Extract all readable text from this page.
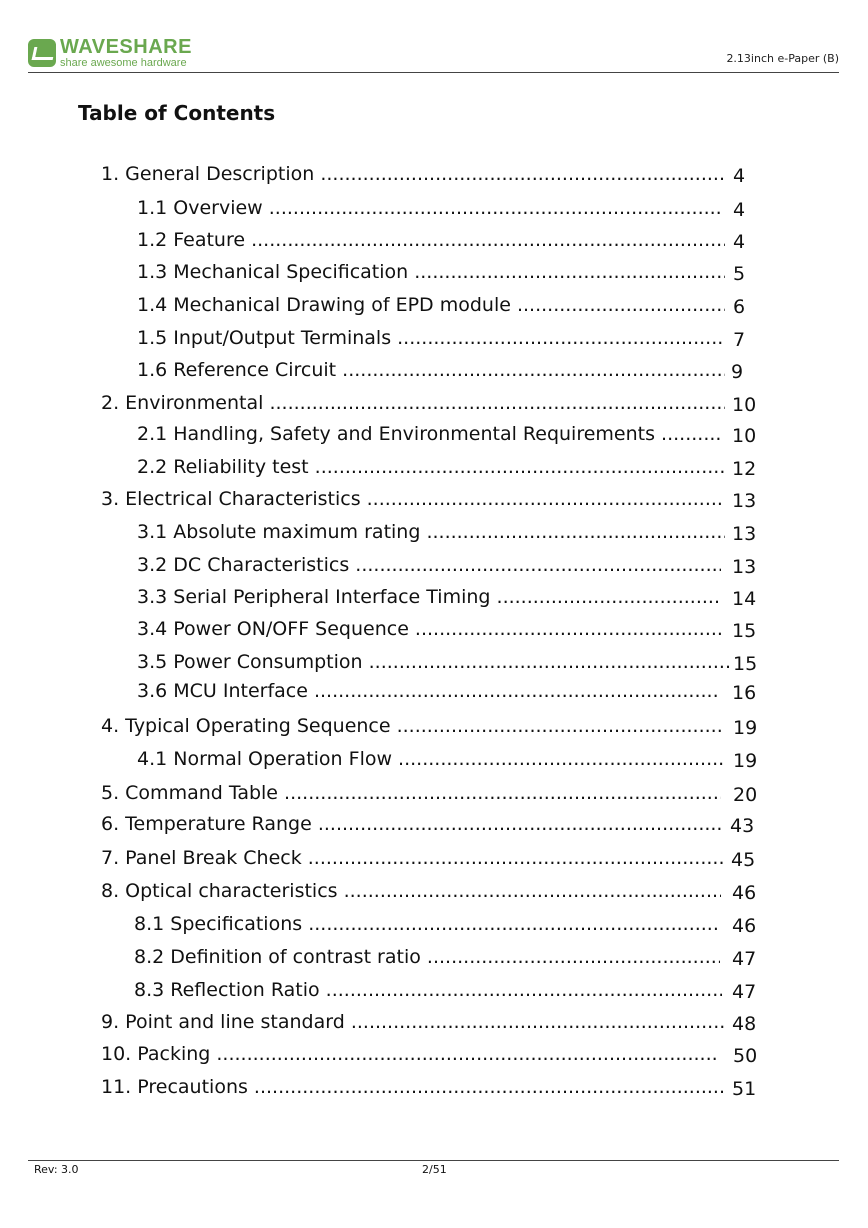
WAVESHARE
share awesome hardware	2.13inch e-Paper (B)
Table of Contents
1. General Description .....	4
1.1 Overview .....	4
1.2 Feature .....	4
1.3 Mechanical Specification .....	5
1.4 Mechanical Drawing of EPD module .....	6
1.5 Input/Output Terminals .....	7
1.6 Reference Circuit .....	9
2. Environmental .....	10
2.1 Handling, Safety and Environmental Requirements .....	10
2.2 Reliability test .....	12
3. Electrical Characteristics .....	13
3.1 Absolute maximum rating .....	13
3.2 DC Characteristics .....	13
3.3 Serial Peripheral Interface Timing .....	14
3.4 Power ON/OFF Sequence .....	15
3.5 Power Consumption .....	15
3.6 MCU Interface .....	16
4. Typical Operating Sequence .....	19
4.1 Normal Operation Flow .....	19
5. Command Table .....	20
6. Temperature Range .....	43
7. Panel Break Check .....	45
8. Optical characteristics .....	46
8.1 Specifications .....	46
8.2 Definition of contrast ratio .....	47
8.3 Reflection Ratio .....	47
9. Point and line standard .....	48
10. Packing .....	50
11. Precautions .....	51
Rev: 3.0	2/51
